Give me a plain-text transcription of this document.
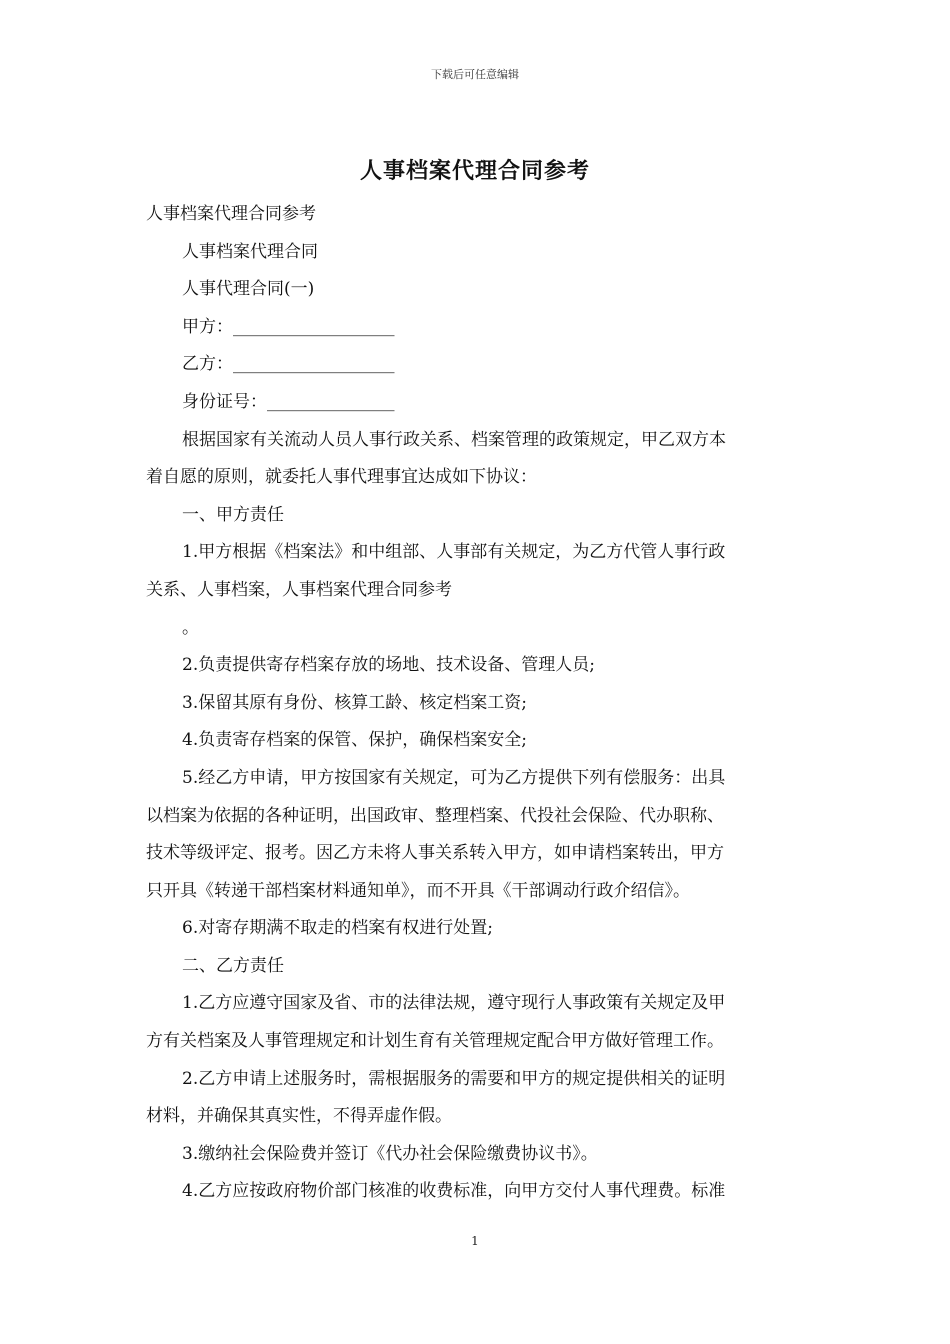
下载后可任意编辑
人事档案代理合同参考
人事档案代理合同参考
人事档案代理合同
人事代理合同(一)
甲方：___________________
乙方：___________________
身份证号：_______________
根据国家有关流动人员人事行政关系、档案管理的政策规定，甲乙双方本
着自愿的原则，就委托人事代理事宜达成如下协议：
一、甲方责任
1.甲方根据《档案法》和中组部、人事部有关规定，为乙方代管人事行政
关系、人事档案，人事档案代理合同参考
。
2.负责提供寄存档案存放的场地、技术设备、管理人员;
3.保留其原有身份、核算工龄、核定档案工资;
4.负责寄存档案的保管、保护，确保档案安全;
5.经乙方申请，甲方按国家有关规定，可为乙方提供下列有偿服务：出具
以档案为依据的各种证明，出国政审、整理档案、代投社会保险、代办职称、
技术等级评定、报考。因乙方未将人事关系转入甲方，如申请档案转出，甲方
只开具《转递干部档案材料通知单》，而不开具《干部调动行政介绍信》。
6.对寄存期满不取走的档案有权进行处置;
二、乙方责任
1.乙方应遵守国家及省、市的法律法规，遵守现行人事政策有关规定及甲
方有关档案及人事管理规定和计划生育有关管理规定配合甲方做好管理工作。
2.乙方申请上述服务时，需根据服务的需要和甲方的规定提供相关的证明
材料，并确保其真实性，不得弄虚作假。
3.缴纳社会保险费并签订《代办社会保险缴费协议书》。
4.乙方应按政府物价部门核准的收费标准，向甲方交付人事代理费。标准
1
